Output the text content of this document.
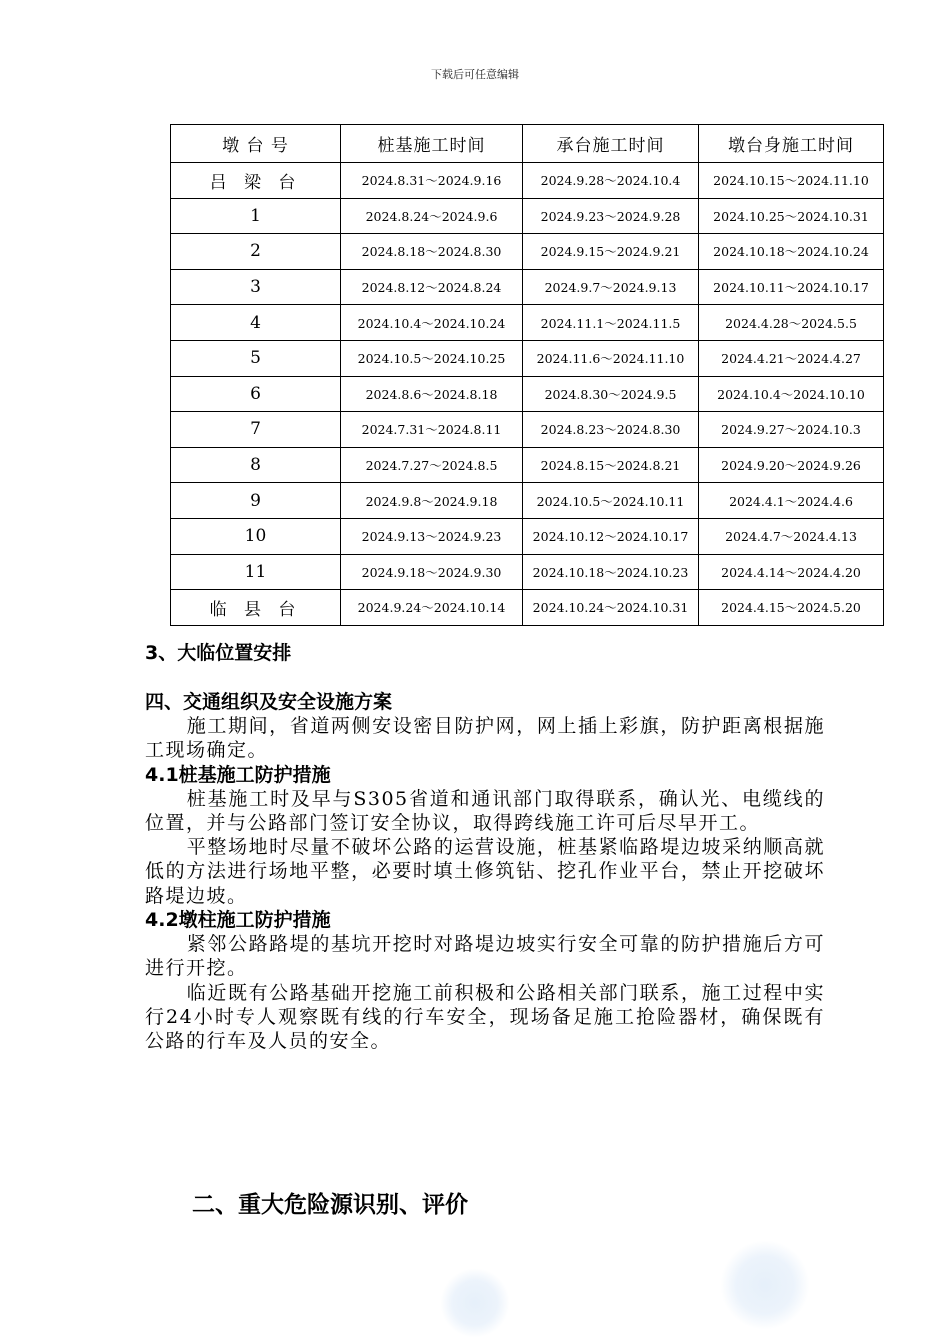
下载后可任意编辑
墩 台 号	桩基施工时间	承台施工时间	墩台身施工时间
吕 梁 台	2024.8.31～2024.9.16	2024.9.28～2024.10.4	2024.10.15～2024.11.10
1	2024.8.24～2024.9.6	2024.9.23～2024.9.28	2024.10.25～2024.10.31
2	2024.8.18～2024.8.30	2024.9.15～2024.9.21	2024.10.18～2024.10.24
3	2024.8.12～2024.8.24	2024.9.7～2024.9.13	2024.10.11～2024.10.17
4	2024.10.4～2024.10.24	2024.11.1～2024.11.5	2024.4.28～2024.5.5
5	2024.10.5～2024.10.25	2024.11.6～2024.11.10	2024.4.21～2024.4.27
6	2024.8.6～2024.8.18	2024.8.30～2024.9.5	2024.10.4～2024.10.10
7	2024.7.31～2024.8.11	2024.8.23～2024.8.30	2024.9.27～2024.10.3
8	2024.7.27～2024.8.5	2024.8.15～2024.8.21	2024.9.20～2024.9.26
9	2024.9.8～2024.9.18	2024.10.5～2024.10.11	2024.4.1～2024.4.6
10	2024.9.13～2024.9.23	2024.10.12～2024.10.17	2024.4.7～2024.4.13
11	2024.9.18～2024.9.30	2024.10.18～2024.10.23	2024.4.14～2024.4.20
临 县 台	2024.9.24～2024.10.14	2024.10.24～2024.10.31	2024.4.15～2024.5.20
3、大临位置安排
四、交通组织及安全设施方案

施工期间，省道两侧安设密目防护网，网上插上彩旗，防护距离根据施工现场确定。

4.1桩基施工防护措施

桩基施工时及早与S305省道和通讯部门取得联系，确认光、电缆线的位置，并与公路部门签订安全协议，取得跨线施工许可后尽早开工。

平整场地时尽量不破坏公路的运营设施，桩基紧临路堤边坡采纳顺高就低的方法进行场地平整，必要时填土修筑钻、挖孔作业平台，禁止开挖破坏路堤边坡。

4.2墩柱施工防护措施

紧邻公路路堤的基坑开挖时对路堤边坡实行安全可靠的防护措施后方可进行开挖。

临近既有公路基础开挖施工前积极和公路相关部门联系，施工过程中实行24小时专人观察既有线的行车安全，现场备足施工抢险器材，确保既有公路的行车及人员的安全。

二、重大危险源识别、评价
